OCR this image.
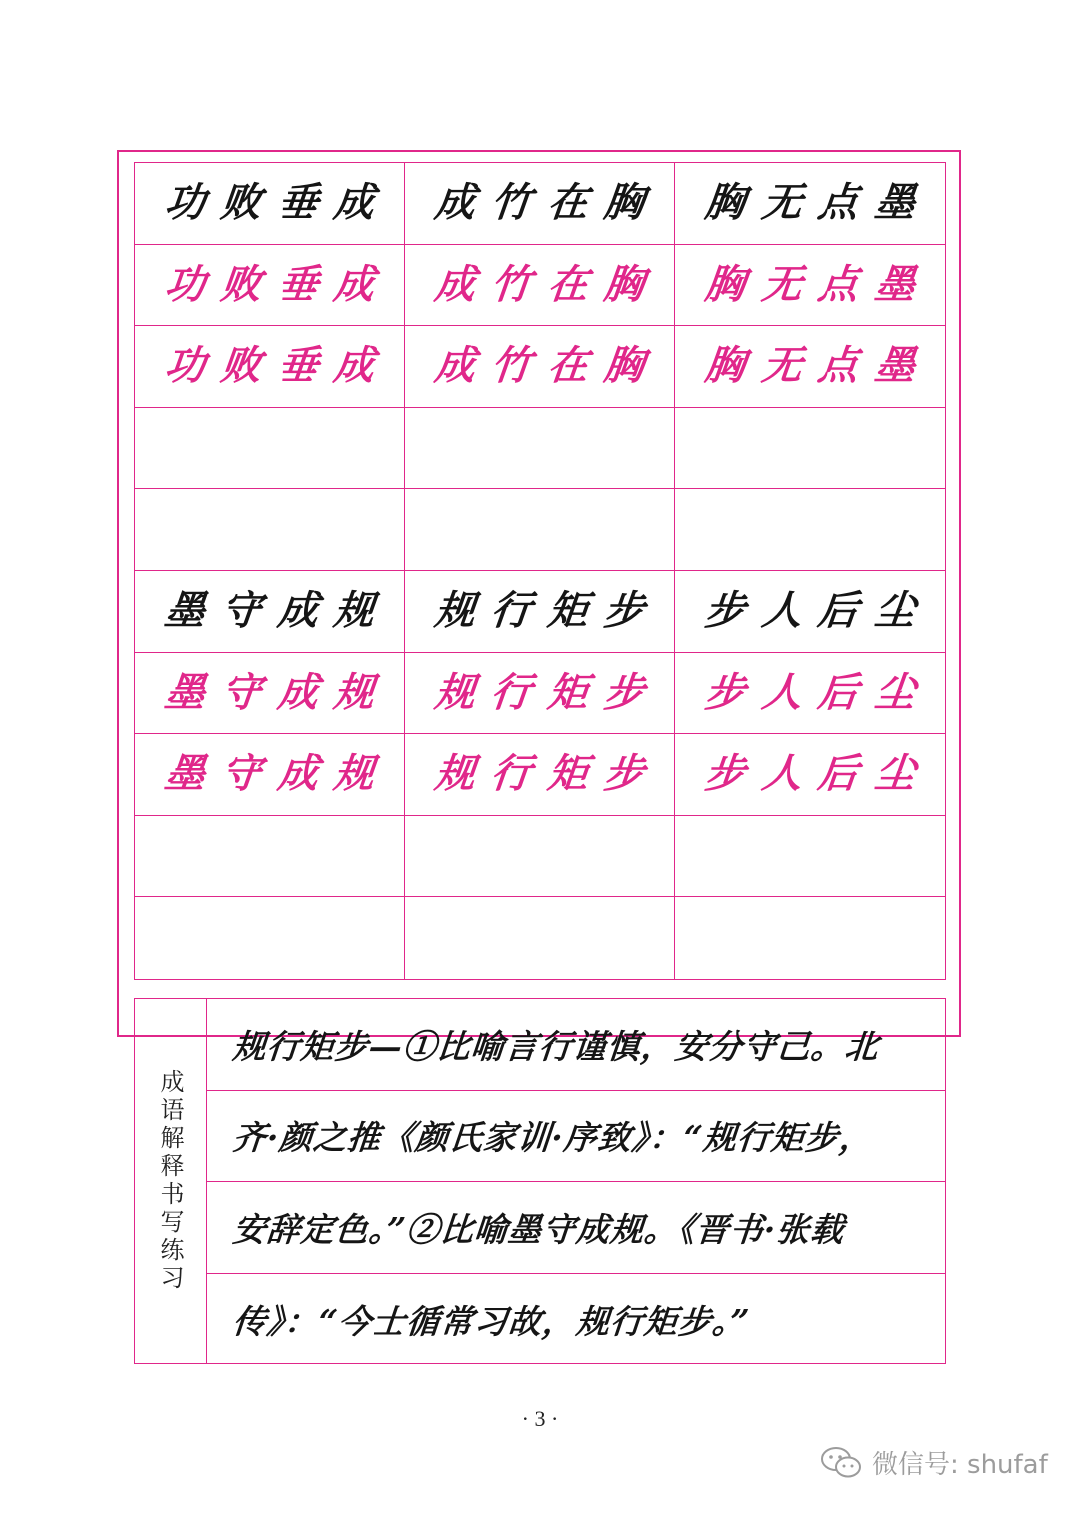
功 败 垂 成 成 竹 在 胸 胸 无 点 墨
功 败 垂 成 成 竹 在 胸 胸 无 点 墨
功 败 垂 成 成 竹 在 胸 胸 无 点 墨
墨 守 成 规 规 行 矩 步 步 人 后 尘
墨 守 成 规 规 行 矩 步 步 人 后 尘
墨 守 成 规 规 行 矩 步 步 人 后 尘
成语解释书写练习
规行矩步—①比喻言行谨慎，安分守己。北
齐·颜之推《颜氏家训·序致》：“规行矩步，
安辞定色。”②比喻墨守成规。《晋书·张载
传》：“今士循常习故，规行矩步。”
· 3 ·
微信号: shufaf
